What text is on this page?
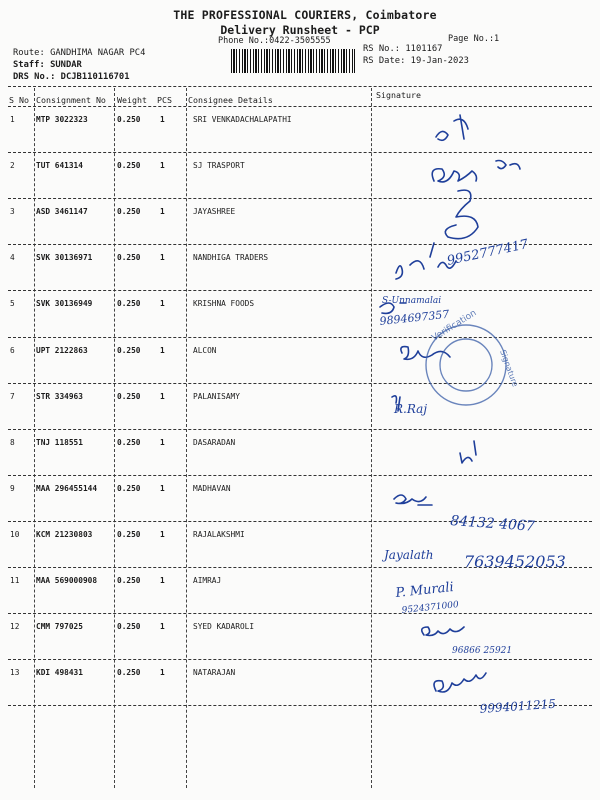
THE PROFESSIONAL COURIERS, Coimbatore
Delivery Runsheet - PCP
Phone No.:0422-3505555	Page No.:1
Route: GANDHIMA NAGAR PC4
Staff: SUNDAR
DRS No.: DCJB110116701
RS No.: 1101167
RS Date: 19-Jan-2023
S No Consignment No Weight PCS Consignee Details	Signature
1	MTP 3022323	0.250	1	SRI VENKADACHALAPATHI
2	TUT 641314	0.250	1	SJ TRASPORT
3	ASD 3461147	0.250	1	JAYASHREE
4	SVK 30136971	0.250	1	NANDHIGA TRADERS
5	SVK 30136949	0.250	1	KRISHNA FOODS
6	UPT 2122863	0.250	1	ALCON
7	STR 334963	0.250	1	PALANISAMY
8	TNJ 118551	0.250	1	DASARADAN
9	MAA 296455144	0.250	1	MADHAVAN
10 KCM 21230803	0.250	1	RAJALAKSHMI
11 MAA 569000908	0.250	1	AIMRAJ
12 CMM 797025	0.250	1	SYED KADAROLI
13 KDI 498431	0.250	1	NATARAJAN
Verification
Signature
9952777417
S-Unnamalai
9894697357
R.Raj
84132 4067
Jayalath 7639452053
P. Murali
9524371000
96866 25921
9994011215
